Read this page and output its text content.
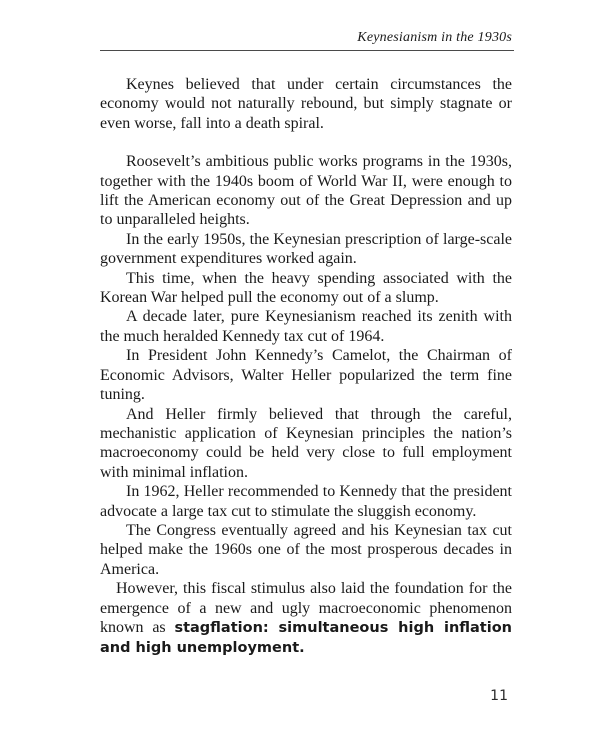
Keynesianism in the 1930s

Keynes believed that under certain circumstances the economy would not naturally rebound, but simply stagnate or even worse, fall into a death spiral.

Roosevelt’s ambitious public works programs in the 1930s, together with the 1940s boom of World War II, were enough to lift the American economy out of the Great Depression and up to unparalleled heights.

In the early 1950s, the Keynesian prescription of large-scale government expenditures worked again.

This time, when the heavy spending associated with the Korean War helped pull the economy out of a slump.

A decade later, pure Keynesianism reached its zenith with the much heralded Kennedy tax cut of 1964.

In President John Kennedy’s Camelot, the Chairman of Economic Advisors, Walter Heller popularized the term fine tuning.

And Heller firmly believed that through the careful, mechanistic application of Keynesian principles the nation’s macroeconomy could be held very close to full employment with minimal inflation.

In 1962, Heller recommended to Kennedy that the president advocate a large tax cut to stimulate the sluggish economy.

The Congress eventually agreed and his Keynesian tax cut helped make the 1960s one of the most prosperous decades in America.

However, this fiscal stimulus also laid the foundation for the emergence of a new and ugly macroeconomic phenomenon known as stagflation: simultaneous high inflation and high unemployment.

11
